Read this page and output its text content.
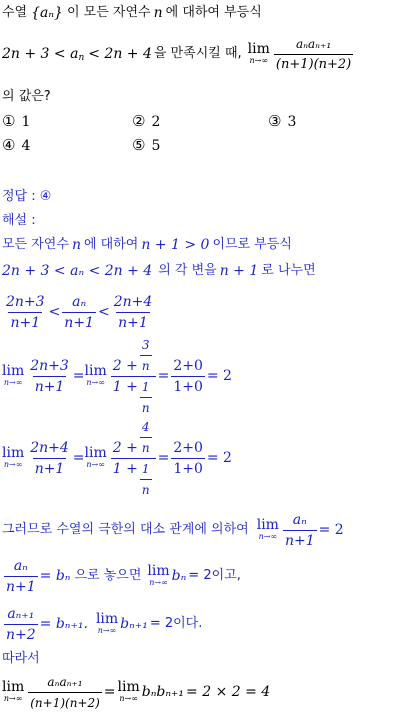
수열 {aₙ} 이 모든 자연수 n 에 대하여 부등식
2n + 3 < a n < 2n + 4 을 만족시킬 때, lim
$n\to\infty \frac{\text{aₙaₙ₊₁}}{(n+1)(n+2)}$
의 값은?
① 1	② 2	③ 3
④ 4	⑤ 5
정답 : ④
해설 :
모든 자연수 n 에 대하여 n + 1 > 0 이므로 부등식
2n + 3 < aₙ < 2n + 4 의 각 변을 n + 1 로 나누면
$\frac{2n+3}{n+1} < \frac{\text{aₙ}}{n+1} < \frac{2n+4}{n+1}$
lim
$n\to\infty \frac{2n+3}{n+1} = \lim$
$n\to\infty \frac{2 + \frac{3}{n}}{1 + \frac{1}{n}} = \frac{2+0}{1+0} = 2$
lim
$n\to\infty \frac{2n+4}{n+1} = \lim$
$n\to\infty \frac{2 + \frac{4}{n}}{1 + \frac{1}{n}} = \frac{2+0}{1+0} = 2$
그러므로 수열의 극한의 대소 관계에 의하여 lim
$n\to\infty \frac{\text{aₙ}}{n+1} = 2$
$\frac{\text{aₙ}}{n+1} = b_n$ 으로 놓으면 lim
n→∞ bₙ = 2이고,
$\frac{\text{aₙ₊₁}}{n+2} = b_{n+1}$. lim
n→∞ bₙ₊₁ = 2이다.
따라서
lim
$n\to\infty \frac{\text{aₙaₙ₊₁}}{(n+1)(n+2)} = \lim$
n→∞ bₙbₙ₊₁ = 2 × 2 = 4
